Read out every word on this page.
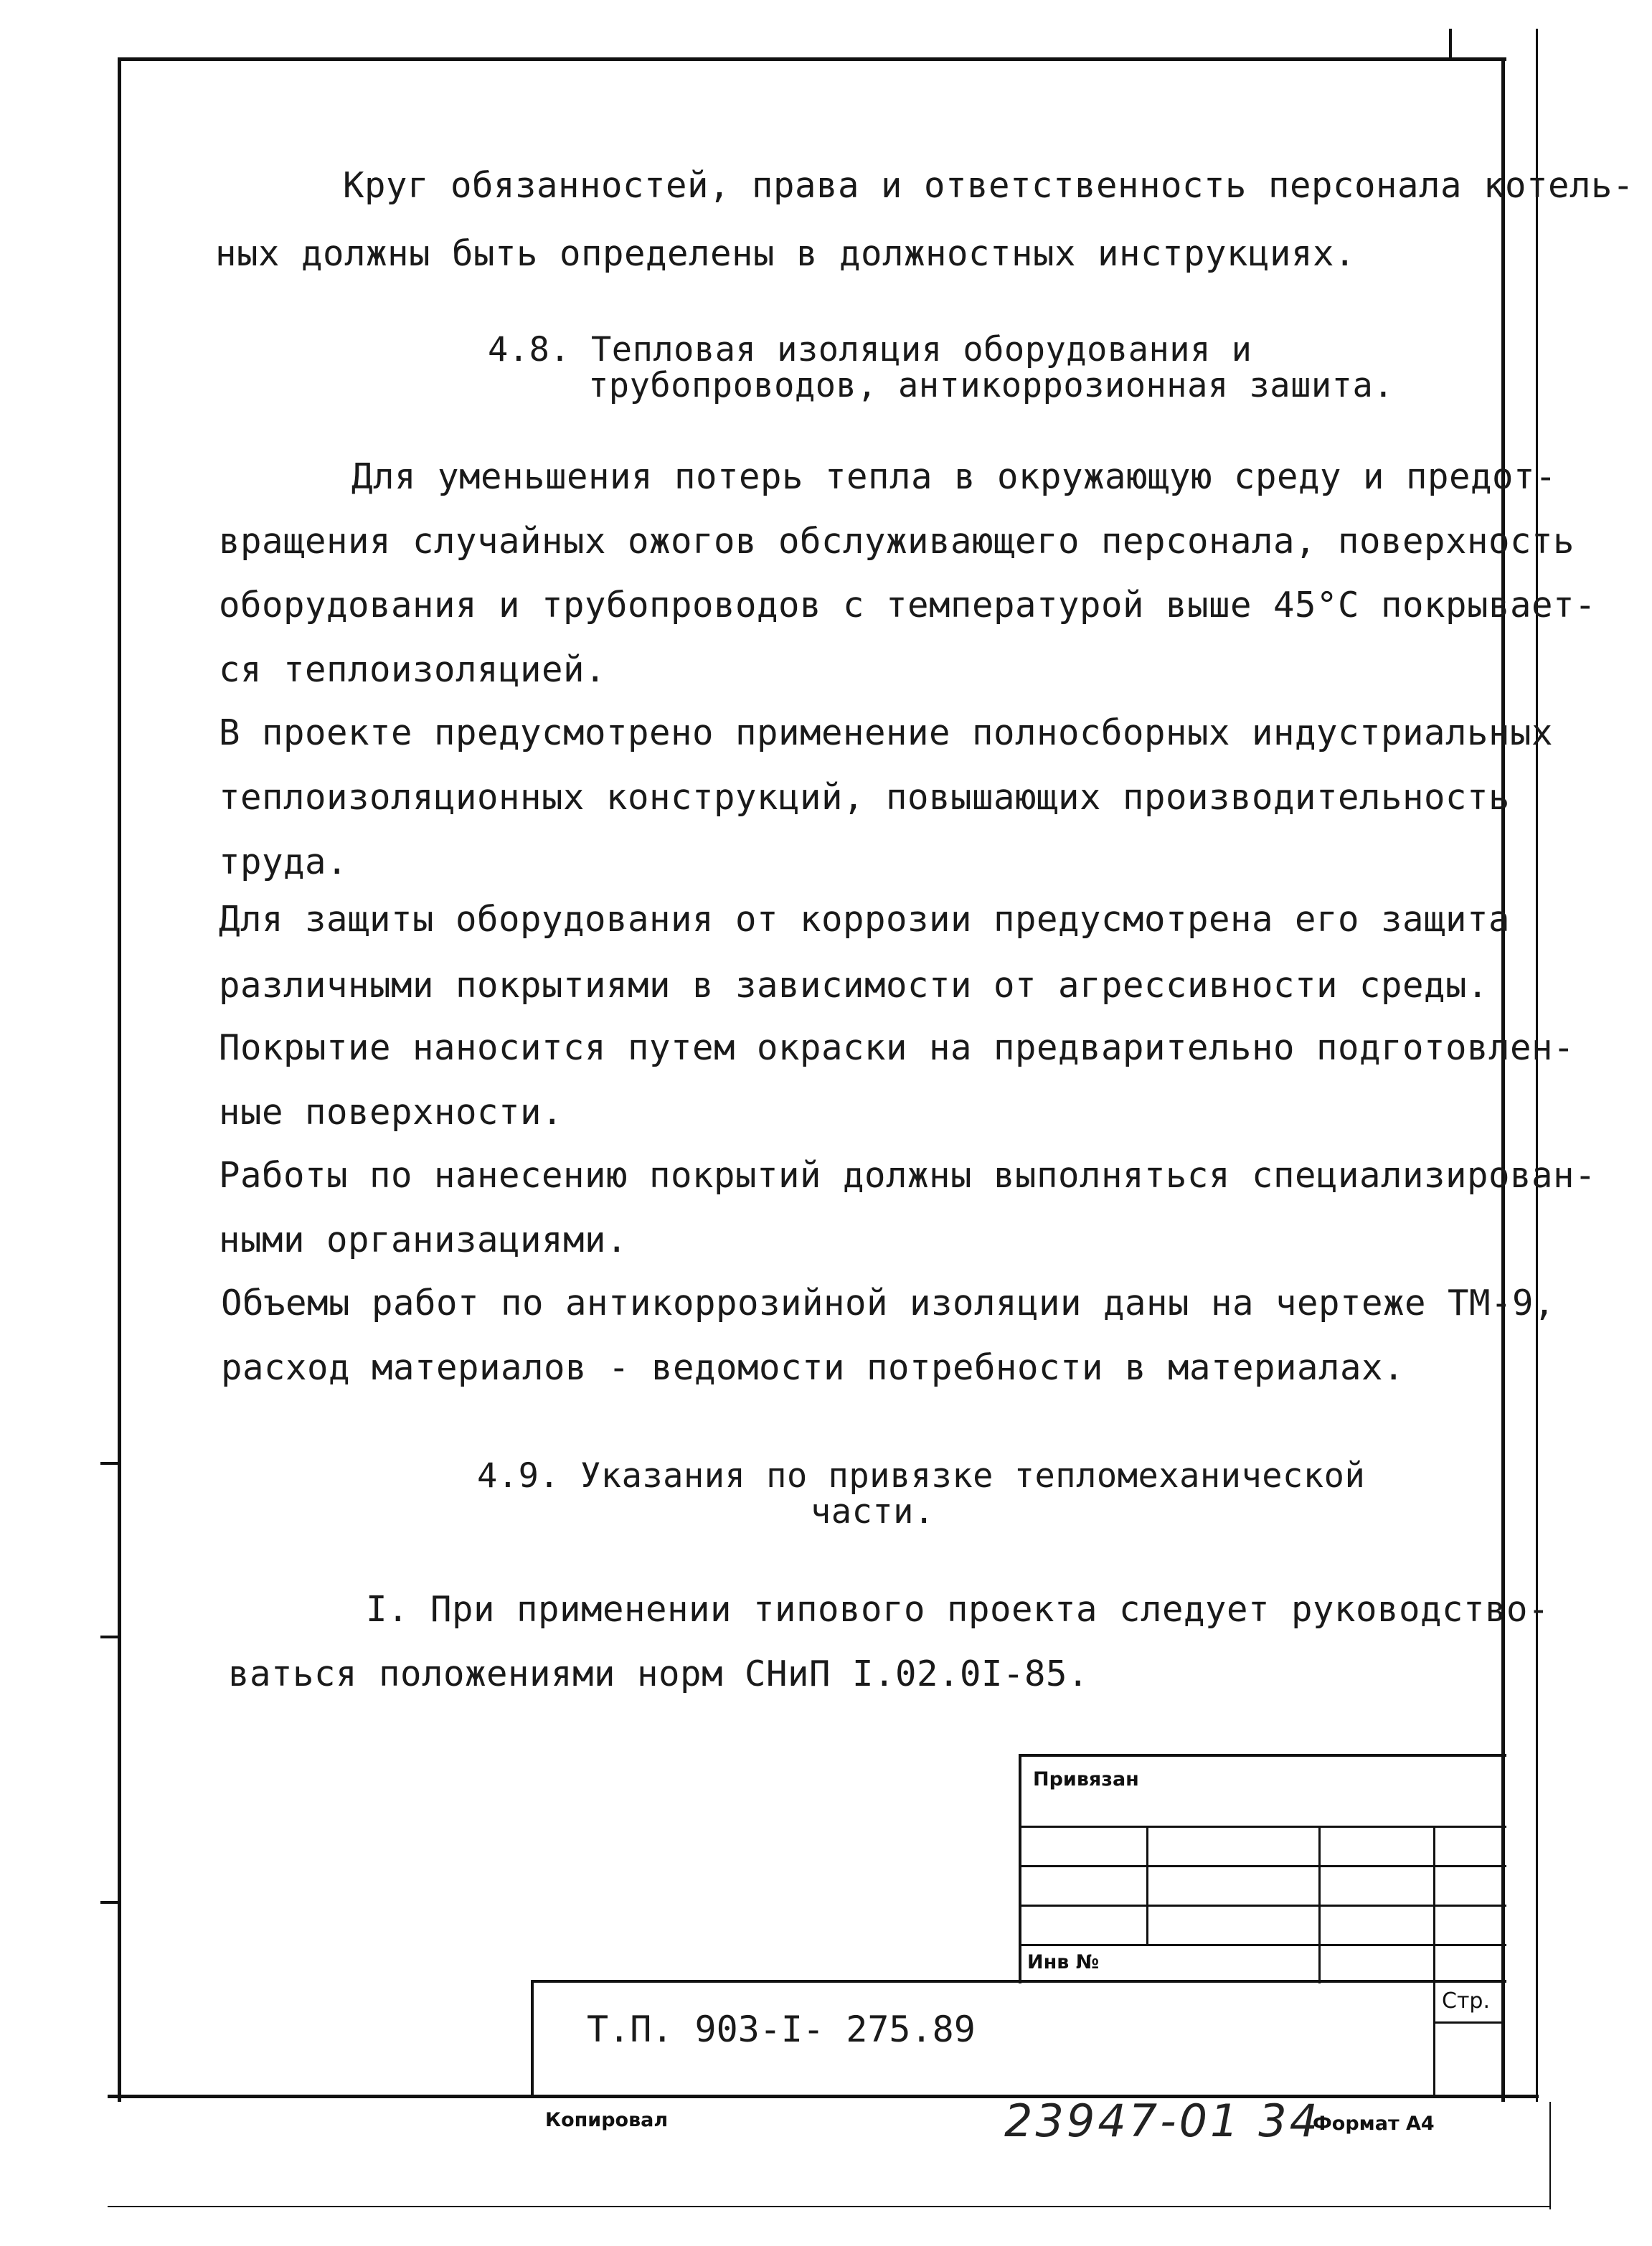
Круг обязанностей, права и ответственность персонала котель-
ных должны быть определены в должностных инструкциях.
4.8. Тепловая изоляция оборудования и
трубопроводов, антикоррозионная зашита.
Для уменьшения потерь тепла в окружающую среду и предот-
вращения случайных ожогов обслуживающего персонала, поверхность
оборудования и трубопроводов с температурой выше 45°С покрывает-
ся теплоизоляцией.
В проекте предусмотрено применение полносборных индустриальных
теплоизоляционных конструкций, повышающих производительность
труда.
Для защиты оборудования от коррозии предусмотрена его защита
различными покрытиями в зависимости от агрессивности среды.
Покрытие наносится путем окраски на предварительно подготовлен-
ные поверхности.
Работы по нанесению покрытий должны выполняться специализирован-
ными организациями.
Объемы работ по антикоррозийной изоляции даны на чертеже ТМ-9,
расход материалов - ведомости потребности в материалах.
4.9. Указания по привязке тепломеханической
части.
I. При применении типового проекта следует руководство-
ваться положениями норм СНиП I.02.0I-85.
Привязан
Инв №
Т.П. 903-I- 275.89
Стр.
Копировал	23947-01 34
Формат А4
